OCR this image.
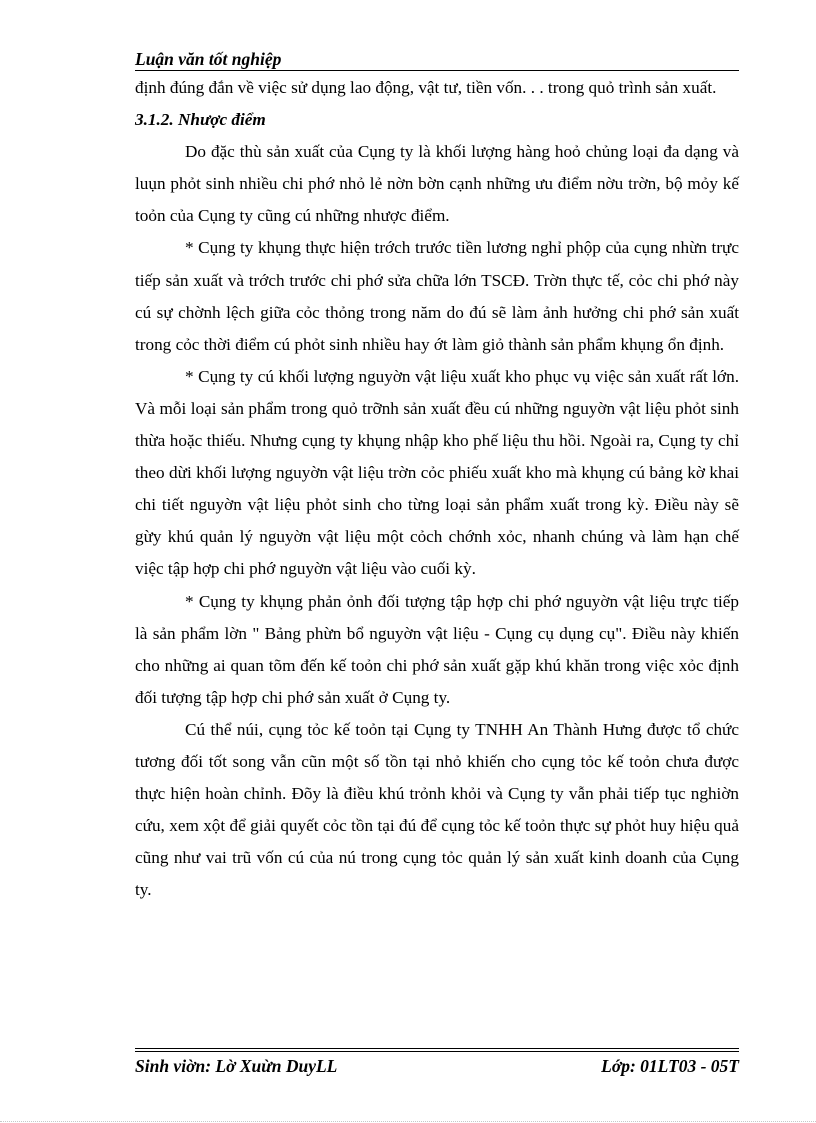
Luận văn tốt nghiệp

định đúng đắn về việc sử dụng lao động, vật tư, tiền vốn. . . trong quỏ trình sản xuất.

3.1.2. Nhược điểm

Do đặc thù sản xuất của Cụng ty là khối lượng hàng hoỏ chủng loại đa dạng và luụn phỏt sinh nhiều chi phớ nhỏ lẻ nờn bờn cạnh những ưu điểm nờu trờn, bộ mỏy kế toỏn của Cụng ty cũng cú những nhược điểm.

* Cụng ty khụng thực hiện trớch trước tiền lương nghỉ phộp của cụng nhừn trực tiếp sản xuất và trớch trước chi phớ sửa chữa lớn TSCĐ. Trờn thực tế, cỏc chi phớ này cú sự chờnh lệch giữa cỏc thỏng trong năm do đú sẽ làm ảnh hưởng chi phớ sản xuất trong cỏc thời điểm cú phỏt sinh nhiều hay ớt làm giỏ thành sản phẩm khụng ổn định.

* Cụng ty cú khối lượng nguyờn vật liệu xuất kho phục vụ việc sản xuất rất lớn. Và mỗi loại sản phẩm trong quỏ trỡnh sản xuất đều cú những nguyờn vật liệu phỏt sinh thừa hoặc thiếu. Nhưng cụng ty khụng nhập kho phế liệu thu hồi. Ngoài ra, Cụng ty chỉ theo dừi khối lượng nguyờn vật liệu trờn cỏc phiếu xuất kho mà khụng cú bảng kờ khai chi tiết nguyờn vật liệu phỏt sinh cho từng loại sản phẩm xuất trong kỳ. Điều này sẽ gừy khú quản lý nguyờn vật liệu một cỏch chớnh xỏc, nhanh chúng và làm hạn chế việc tập hợp chi phớ nguyờn vật liệu vào cuối kỳ.

* Cụng ty khụng phản ỏnh đối tượng tập hợp chi phớ nguyờn vật liệu trực tiếp là sản phẩm lờn " Bảng phừn bổ nguyờn vật liệu - Cụng cụ dụng cụ". Điều này khiến cho những ai quan tõm đến kế toỏn chi phớ sản xuất gặp khú khăn trong việc xỏc định đối tượng tập hợp chi phớ sản xuất ở Cụng ty.

Cú thể núi, cụng tỏc kế toỏn tại Cụng ty TNHH An Thành Hưng được tổ chức tương đối tốt song vẫn cũn một số tồn tại nhỏ khiến cho cụng tỏc kế toỏn chưa được thực hiện hoàn chỉnh. Đõy là điều khú trỏnh khỏi và Cụng ty vẫn phải tiếp tục nghiờn cứu, xem xột để giải quyết cỏc tồn tại đú để cụng tỏc kế toỏn thực sự phỏt huy hiệu quả cũng như vai trũ vốn cú của nú trong cụng tỏc quản lý sản xuất kinh doanh của Cụng ty.

Sinh viờn: Lờ Xuừn DuyLL	Lớp: 01LT03 - 05T
